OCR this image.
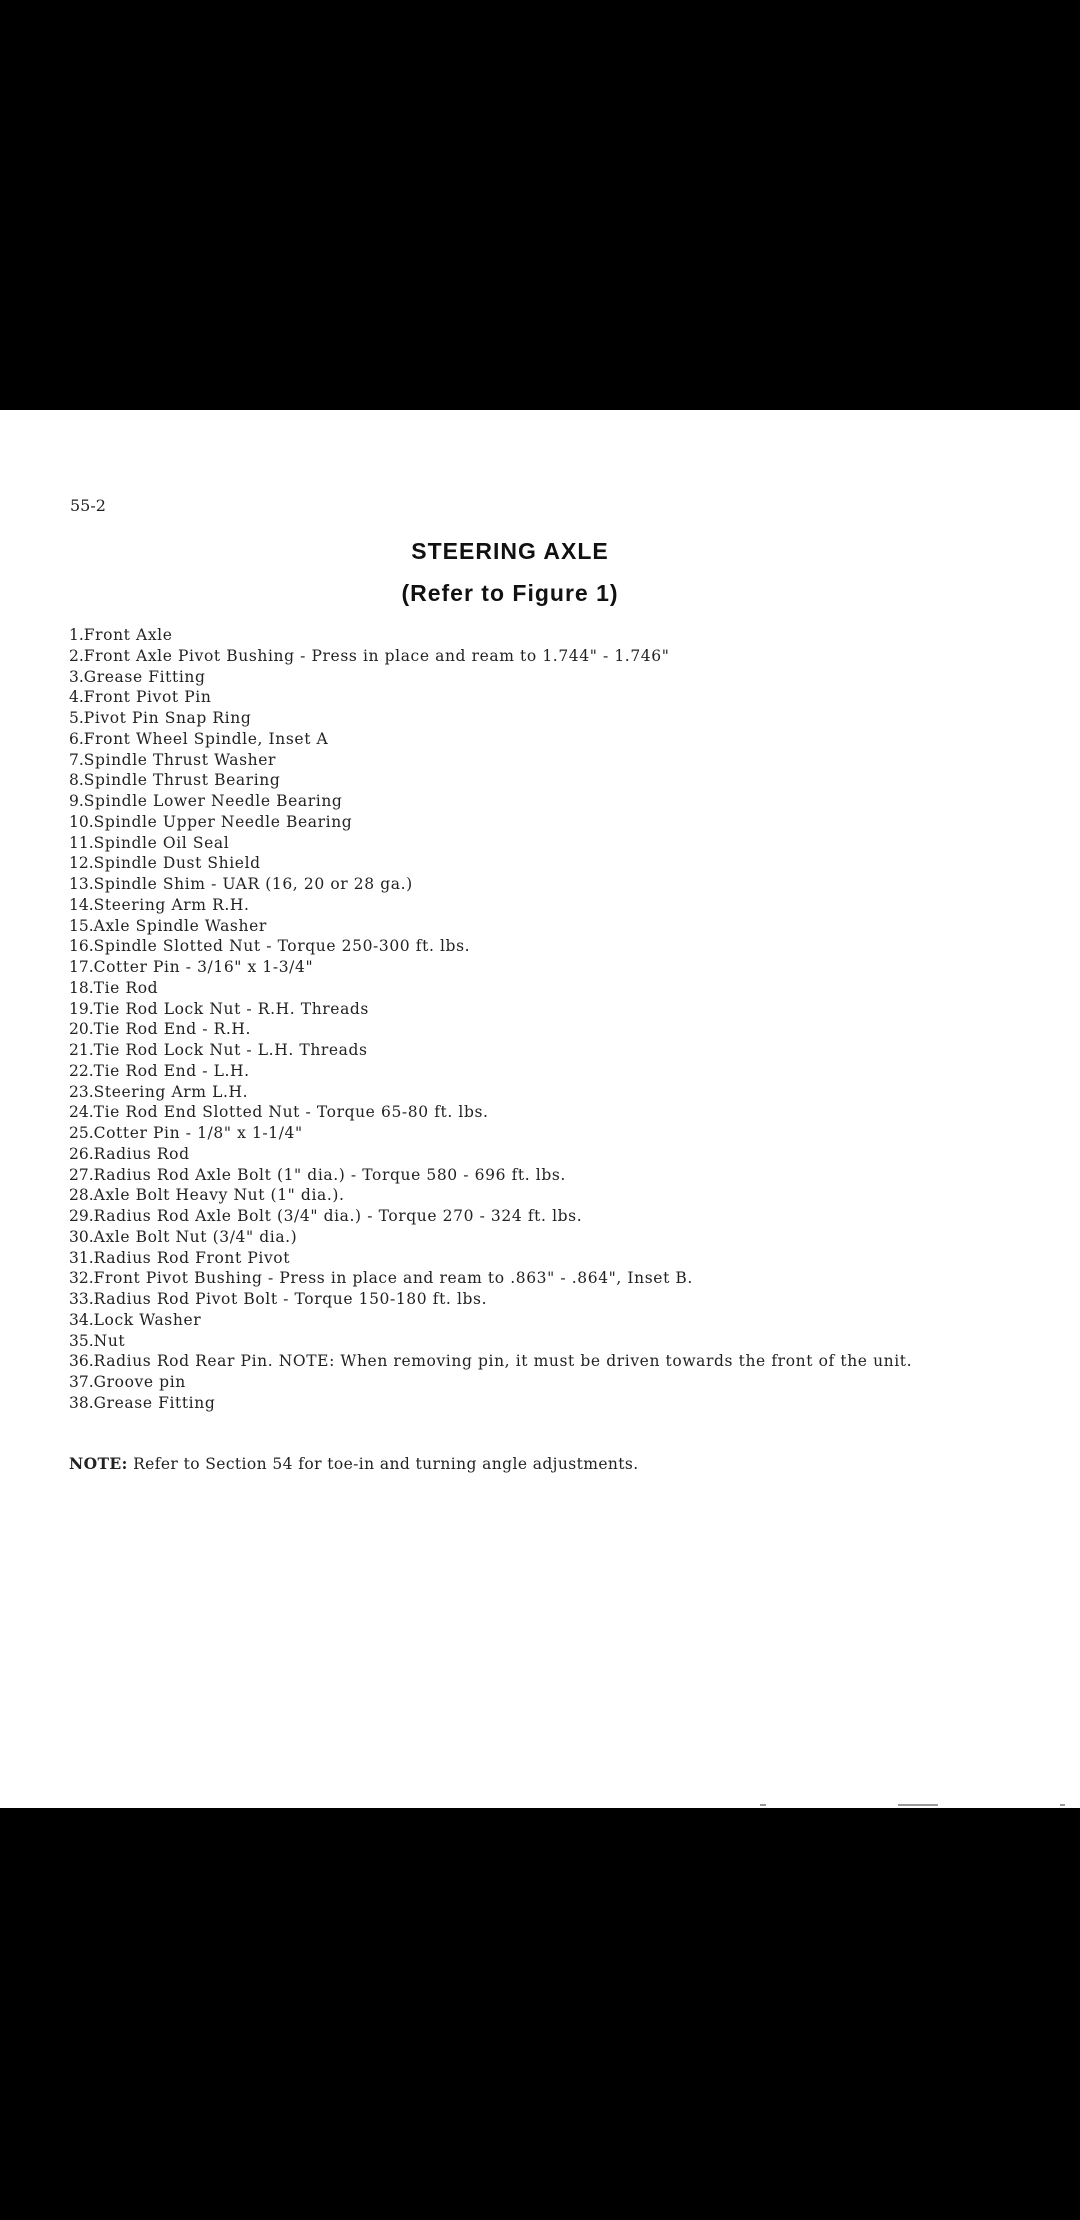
55-2
STEERING AXLE
(Refer to Figure 1)
1.Front Axle
2.Front Axle Pivot Bushing - Press in place and ream to 1.744" - 1.746"
3.Grease Fitting
4.Front Pivot Pin
5.Pivot Pin Snap Ring
6.Front Wheel Spindle, Inset A
7.Spindle Thrust Washer
8.Spindle Thrust Bearing
9.Spindle Lower Needle Bearing
10.Spindle Upper Needle Bearing
11.Spindle Oil Seal
12.Spindle Dust Shield
13.Spindle Shim - UAR (16, 20 or 28 ga.)
14.Steering Arm R.H.
15.Axle Spindle Washer
16.Spindle Slotted Nut - Torque 250-300 ft. lbs.
17.Cotter Pin - 3/16" x 1-3/4"
18.Tie Rod
19.Tie Rod Lock Nut - R.H. Threads
20.Tie Rod End - R.H.
21.Tie Rod Lock Nut - L.H. Threads
22.Tie Rod End - L.H.
23.Steering Arm L.H.
24.Tie Rod End Slotted Nut - Torque 65-80 ft. lbs.
25.Cotter Pin - 1/8" x 1-1/4"
26.Radius Rod
27.Radius Rod Axle Bolt (1" dia.) - Torque 580 - 696 ft. lbs.
28.Axle Bolt Heavy Nut (1" dia.).
29.Radius Rod Axle Bolt (3/4" dia.) - Torque 270 - 324 ft. lbs.
30.Axle Bolt Nut (3/4" dia.)
31.Radius Rod Front Pivot
32.Front Pivot Bushing - Press in place and ream to .863" - .864", Inset B.
33.Radius Rod Pivot Bolt - Torque 150-180 ft. lbs.
34.Lock Washer
35.Nut
36.Radius Rod Rear Pin. NOTE: When removing pin, it must be driven towards the front of the unit.
37.Groove pin
38.Grease Fitting
NOTE: Refer to Section 54 for toe-in and turning angle adjustments.
